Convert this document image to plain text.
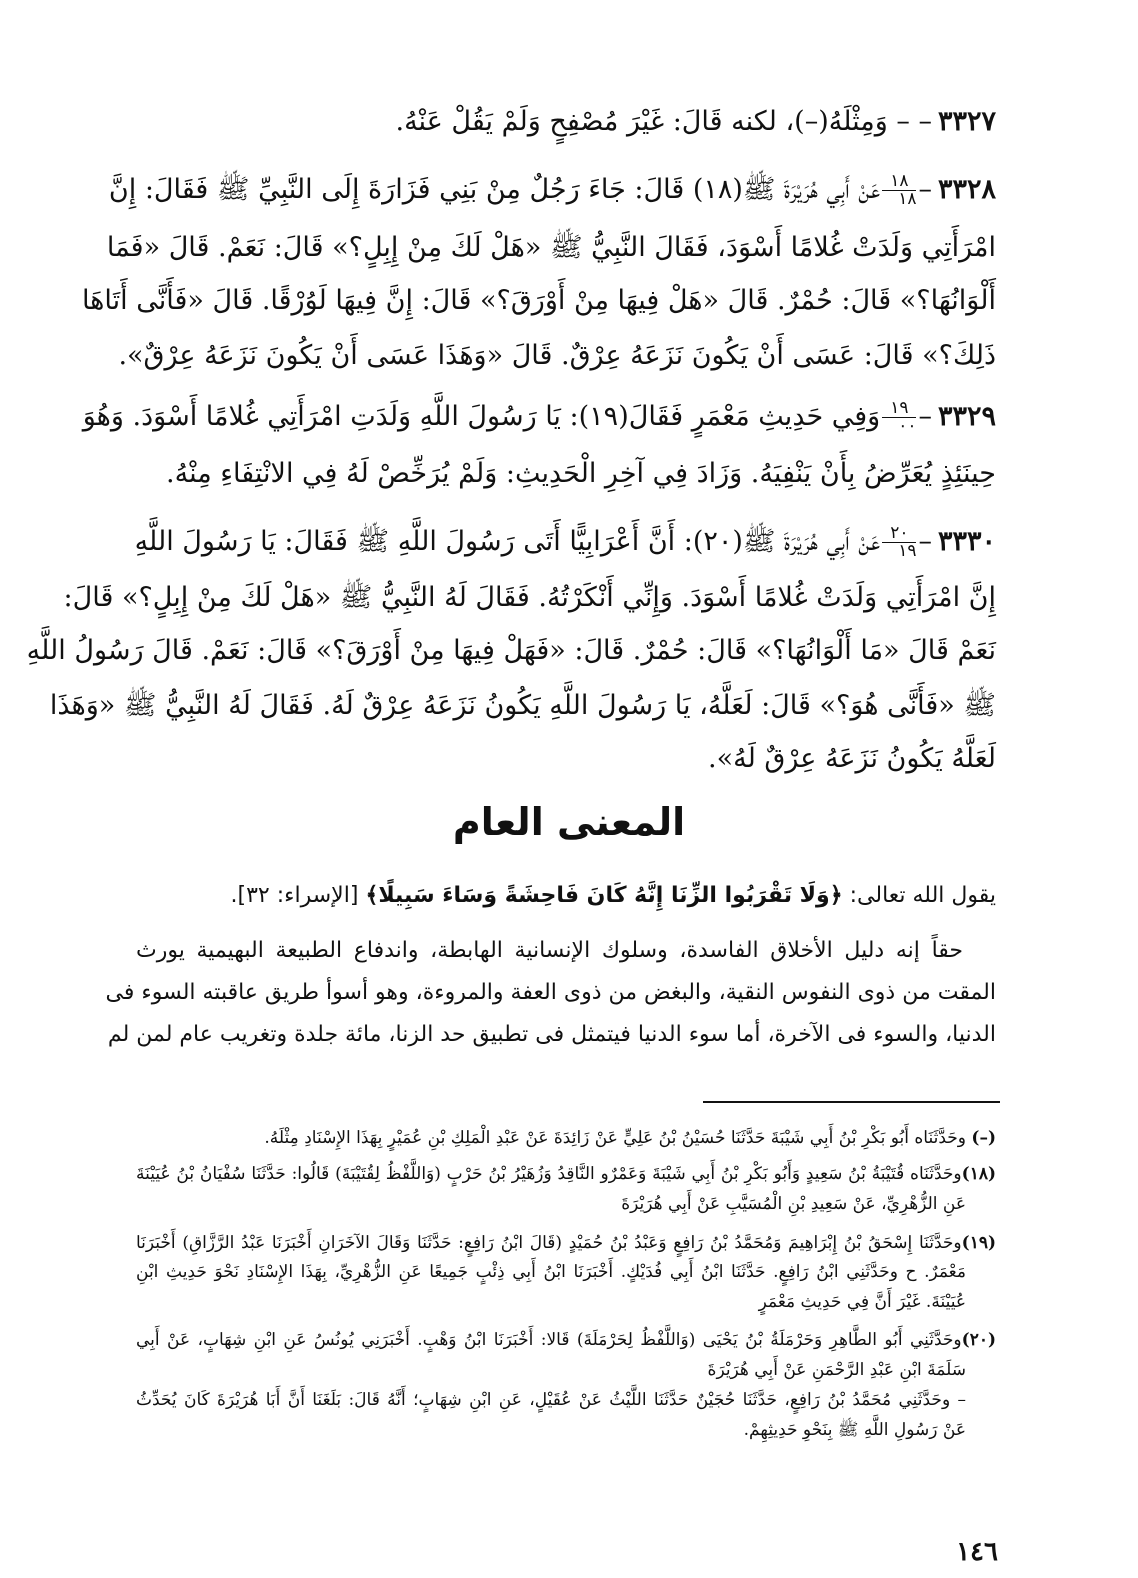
٣٣٢٧– – وَمِثْلَهُ(–)، لكنه قَالَ: غَيْرَ مُصْفِحٍ وَلَمْ يَقُلْ عَنْهُ.
٣٣٢٨–
$\frac{١٨}{١٨}$
عَنْ أَبِي هُرَيْرَةَ ﷺ(١٨) قَالَ: جَاءَ رَجُلٌ مِنْ بَنِي فَزَارَةَ إِلَى النَّبِيِّ ﷺ فَقَالَ: إِنَّ
امْرَأَتِي وَلَدَتْ غُلامًا أَسْوَدَ، فَقَالَ النَّبِيُّ ﷺ «هَلْ لَكَ مِنْ إِبِلٍ؟» قَالَ: نَعَمْ. قَالَ «فَمَا
أَلْوَانُهَا؟» قَالَ: حُمْرٌ. قَالَ «هَلْ فِيهَا مِنْ أَوْرَقَ؟» قَالَ: إِنَّ فِيهَا لَوُرْقًا. قَالَ «فَأَنَّى أَتَاهَا
ذَلِكَ؟» قَالَ: عَسَى أَنْ يَكُونَ نَزَعَهُ عِرْقٌ. قَالَ «وَهَذَا عَسَى أَنْ يَكُونَ نَزَعَهُ عِرْقٌ».
٣٣٢٩–
$\frac{١٩}{٠٠}$
وَفِي حَدِيثِ مَعْمَرٍ فَقَالَ(١٩): يَا رَسُولَ اللَّهِ وَلَدَتِ امْرَأَتِي غُلامًا أَسْوَدَ. وَهُوَ
حِينَئِذٍ يُعَرِّضُ بِأَنْ يَنْفِيَهُ. وَزَادَ فِي آخِرِ الْحَدِيثِ: وَلَمْ يُرَخِّصْ لَهُ فِي الانْتِفَاءِ مِنْهُ.
٣٣٣٠–
$\frac{٢٠}{١٩}$
عَنْ أَبِي هُرَيْرَةَ ﷺ(٢٠): أَنَّ أَعْرَابِيًّا أَتَى رَسُولَ اللَّهِ ﷺ فَقَالَ: يَا رَسُولَ اللَّهِ
إِنَّ امْرَأَتِي وَلَدَتْ غُلامًا أَسْوَدَ. وَإِنِّي أَنْكَرْتُهُ. فَقَالَ لَهُ النَّبِيُّ ﷺ «هَلْ لَكَ مِنْ إِبِلٍ؟» قَالَ:
نَعَمْ قَالَ «مَا أَلْوَانُهَا؟» قَالَ: حُمْرٌ. قَالَ: «فَهَلْ فِيهَا مِنْ أَوْرَقَ؟» قَالَ: نَعَمْ. قَالَ رَسُولُ اللَّهِ
ﷺ «فَأَنَّى هُوَ؟» قَالَ: لَعَلَّهُ، يَا رَسُولَ اللَّهِ يَكُونُ نَزَعَهُ عِرْقٌ لَهُ. فَقَالَ لَهُ النَّبِيُّ ﷺ «وَهَذَا
لَعَلَّهُ يَكُونُ نَزَعَهُ عِرْقٌ لَهُ».
المعنى العام
يقول الله تعالى: ﴿وَلَا تَقْرَبُوا الزِّنَا إِنَّهُ كَانَ فَاحِشَةً وَسَاءَ سَبِيلًا﴾ [الإسراء: ٣٢].
حقاً إنه دليل الأخلاق الفاسدة، وسلوك الإنسانية الهابطة، واندفاع الطبيعة البهيمية يورث
المقت من ذوى النفوس النقية، والبغض من ذوى العفة والمروءة، وهو أسوأ طريق عاقبته السوء فى
الدنيا، والسوء فى الآخرة، أما سوء الدنيا فيتمثل فى تطبيق حد الزنا، مائة جلدة وتغريب عام لمن لم
(–) وحَدَّثَنَاه أَبُو بَكْرِ بْنُ أَبِي شَيْبَةَ حَدَّثَنَا حُسَيْنُ بْنُ عَلِيٍّ عَنْ زَائِدَةَ عَنْ عَبْدِ الْمَلِكِ بْنِ عُمَيْرٍ بِهَذَا الإِسْنَادِ مِثْلَهُ.
(١٨)وحَدَّثَنَاه قُتَيْبَةُ بْنُ سَعِيدٍ وَأَبُو بَكْرِ بْنُ أَبِي شَيْبَةَ وَعَمْرٌو النَّاقِدُ وَزُهَيْرُ بْنُ حَرْبٍ (وَاللَّفْظُ لِقُتَيْبَةَ) قَالُوا: حَدَّثَنَا سُفْيَانُ بْنُ عُيَيْنَةَ
عَنِ الزُّهْرِيِّ، عَنْ سَعِيدِ بْنِ الْمُسَيَّبِ عَنْ أَبِي هُرَيْرَةَ
(١٩)وحَدَّثَنَا إِسْحَقُ بْنُ إِبْرَاهِيمَ وَمُحَمَّدُ بْنُ رَافِعٍ وَعَبْدُ بْنُ حُمَيْدٍ (قَالَ ابْنُ رَافِعٍ: حَدَّثَنَا وَقَالَ الآخَرَانِ أَخْبَرَنَا عَبْدُ الرَّزَّاقِ) أَخْبَرَنَا
مَعْمَرٌ. ح وحَدَّثَنِي ابْنُ رَافِعٍ. حَدَّثَنَا ابْنُ أَبِي فُدَيْكٍ. أَخْبَرَنَا ابْنُ أَبِي ذِئْبٍ جَمِيعًا عَنِ الزُّهْرِيِّ، بِهَذَا الإِسْنَادِ نَحْوَ حَدِيثِ ابْنِ
عُيَيْنَةَ. غَيْرَ أَنَّ فِي حَدِيثِ مَعْمَرٍ
(٢٠)وحَدَّثَنِي أَبُو الطَّاهِرِ وَحَرْمَلَةُ بْنُ يَحْيَى (وَاللَّفْظُ لِحَرْمَلَةَ) قَالا: أَخْبَرَنَا ابْنُ وَهْبٍ. أَخْبَرَنِي يُونُسُ عَنِ ابْنِ شِهَابٍ، عَنْ أَبِي
سَلَمَةَ ابْنِ عَبْدِ الرَّحْمَنِ عَنْ أَبِي هُرَيْرَةَ
– وحَدَّثَنِي مُحَمَّدُ بْنُ رَافِعٍ، حَدَّثَنَا حُجَيْنٌ حَدَّثَنَا اللَّيْثُ عَنْ عُقَيْلٍ، عَنِ ابْنِ شِهَابٍ؛ أَنَّهُ قَالَ: بَلَغَنَا أَنَّ أَبَا هُرَيْرَةَ كَانَ يُحَدِّثُ
عَنْ رَسُولِ اللَّهِ ﷺ بِنَحْوِ حَدِيثِهِمْ.
١٤٦
